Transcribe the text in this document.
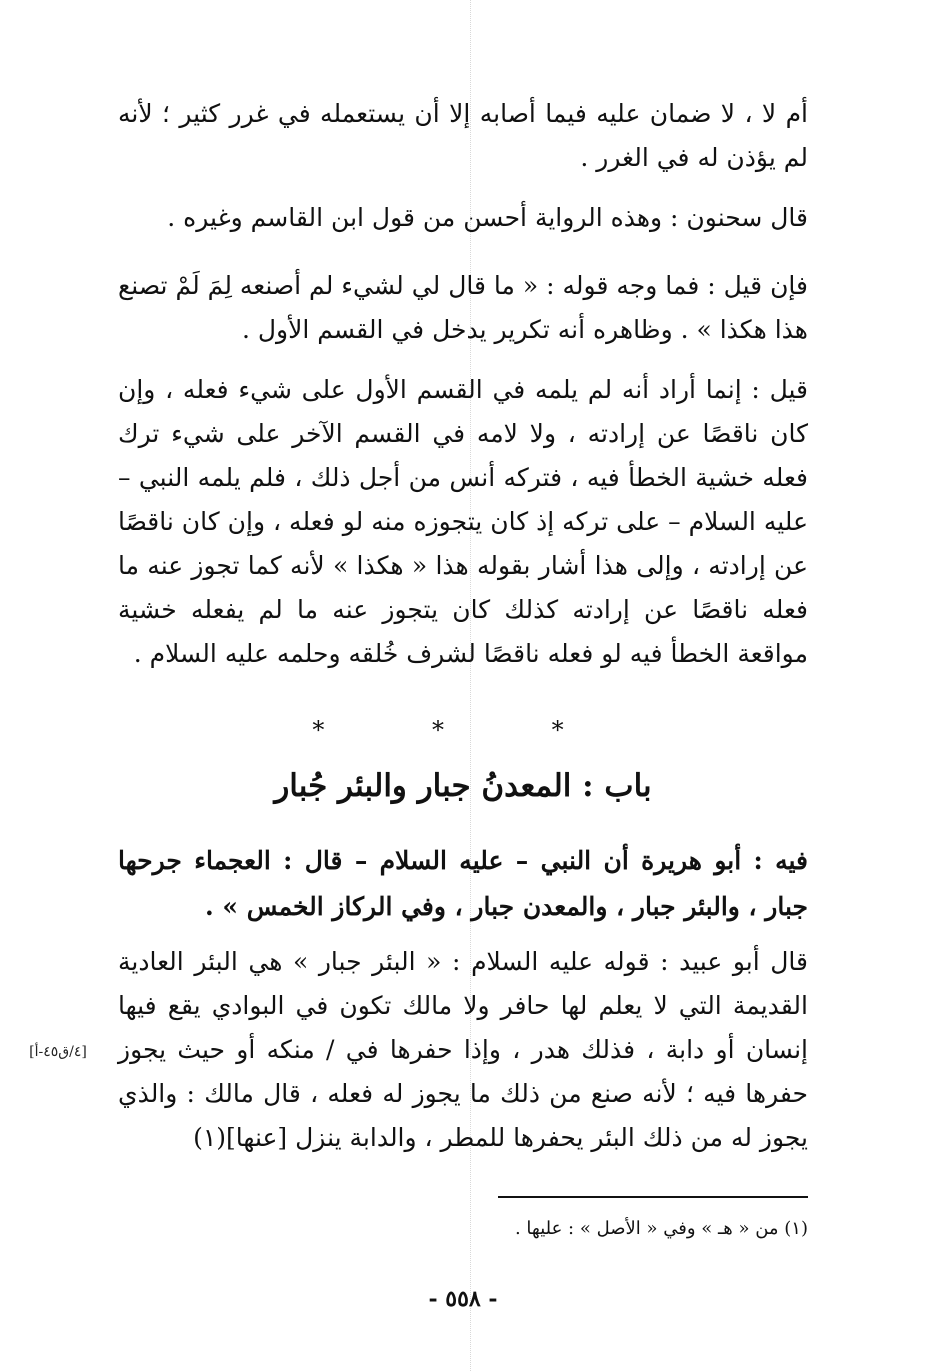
أم لا ، لا ضمان عليه فيما أصابه إلا أن يستعمله في غرر كثير ؛ لأنه لم يؤذن له في الغرر .

قال سحنون : وهذه الرواية أحسن من قول ابن القاسم وغيره .

فإن قيل : فما وجه قوله : « ما قال لي لشيء لم أصنعه لِمَ لَمْ تصنع هذا هكذا » . وظاهره أنه تكرير يدخل في القسم الأول .

قيل : إنما أراد أنه لم يلمه في القسم الأول على شيء فعله ، وإن كان ناقصًا عن إرادته ، ولا لامه في القسم الآخر على شيء ترك فعله خشية الخطأ فيه ، فتركه أنس من أجل ذلك ، فلم يلمه النبي – عليه السلام – على تركه إذ كان يتجوزه منه لو فعله ، وإن كان ناقصًا عن إرادته ، وإلى هذا أشار بقوله هذا « هكذا » لأنه كما تجوز عنه ما فعله ناقصًا عن إرادته كذلك كان يتجوز عنه ما لم يفعله خشية مواقعة الخطأ فيه لو فعله ناقصًا لشرف خُلقه وحلمه عليه السلام .

* * *
باب : المعدنُ جبار والبئر جُبار

فيه : أبو هريرة أن النبي – عليه السلام – قال : العجماء جرحها جبار ، والبئر جبار ، والمعدن جبار ، وفي الركاز الخمس » .

قال أبو عبيد : قوله عليه السلام : « البئر جبار » هي البئر العادية القديمة التي لا يعلم لها حافر ولا مالك تكون في البوادي يقع فيها إنسان أو دابة ، فذلك هدر ، وإذا حفرها في / منكه أو حيث يجوز حفرها فيه ؛ لأنه صنع من ذلك ما يجوز له فعله ، قال مالك : والذي يجوز له من ذلك البئر يحفرها للمطر ، والدابة ينزل [عنها](١)

[٤/ق٤٥-أ]

(١) من « هـ » وفي « الأصل » : عليها .

- ٥٥٨ -
